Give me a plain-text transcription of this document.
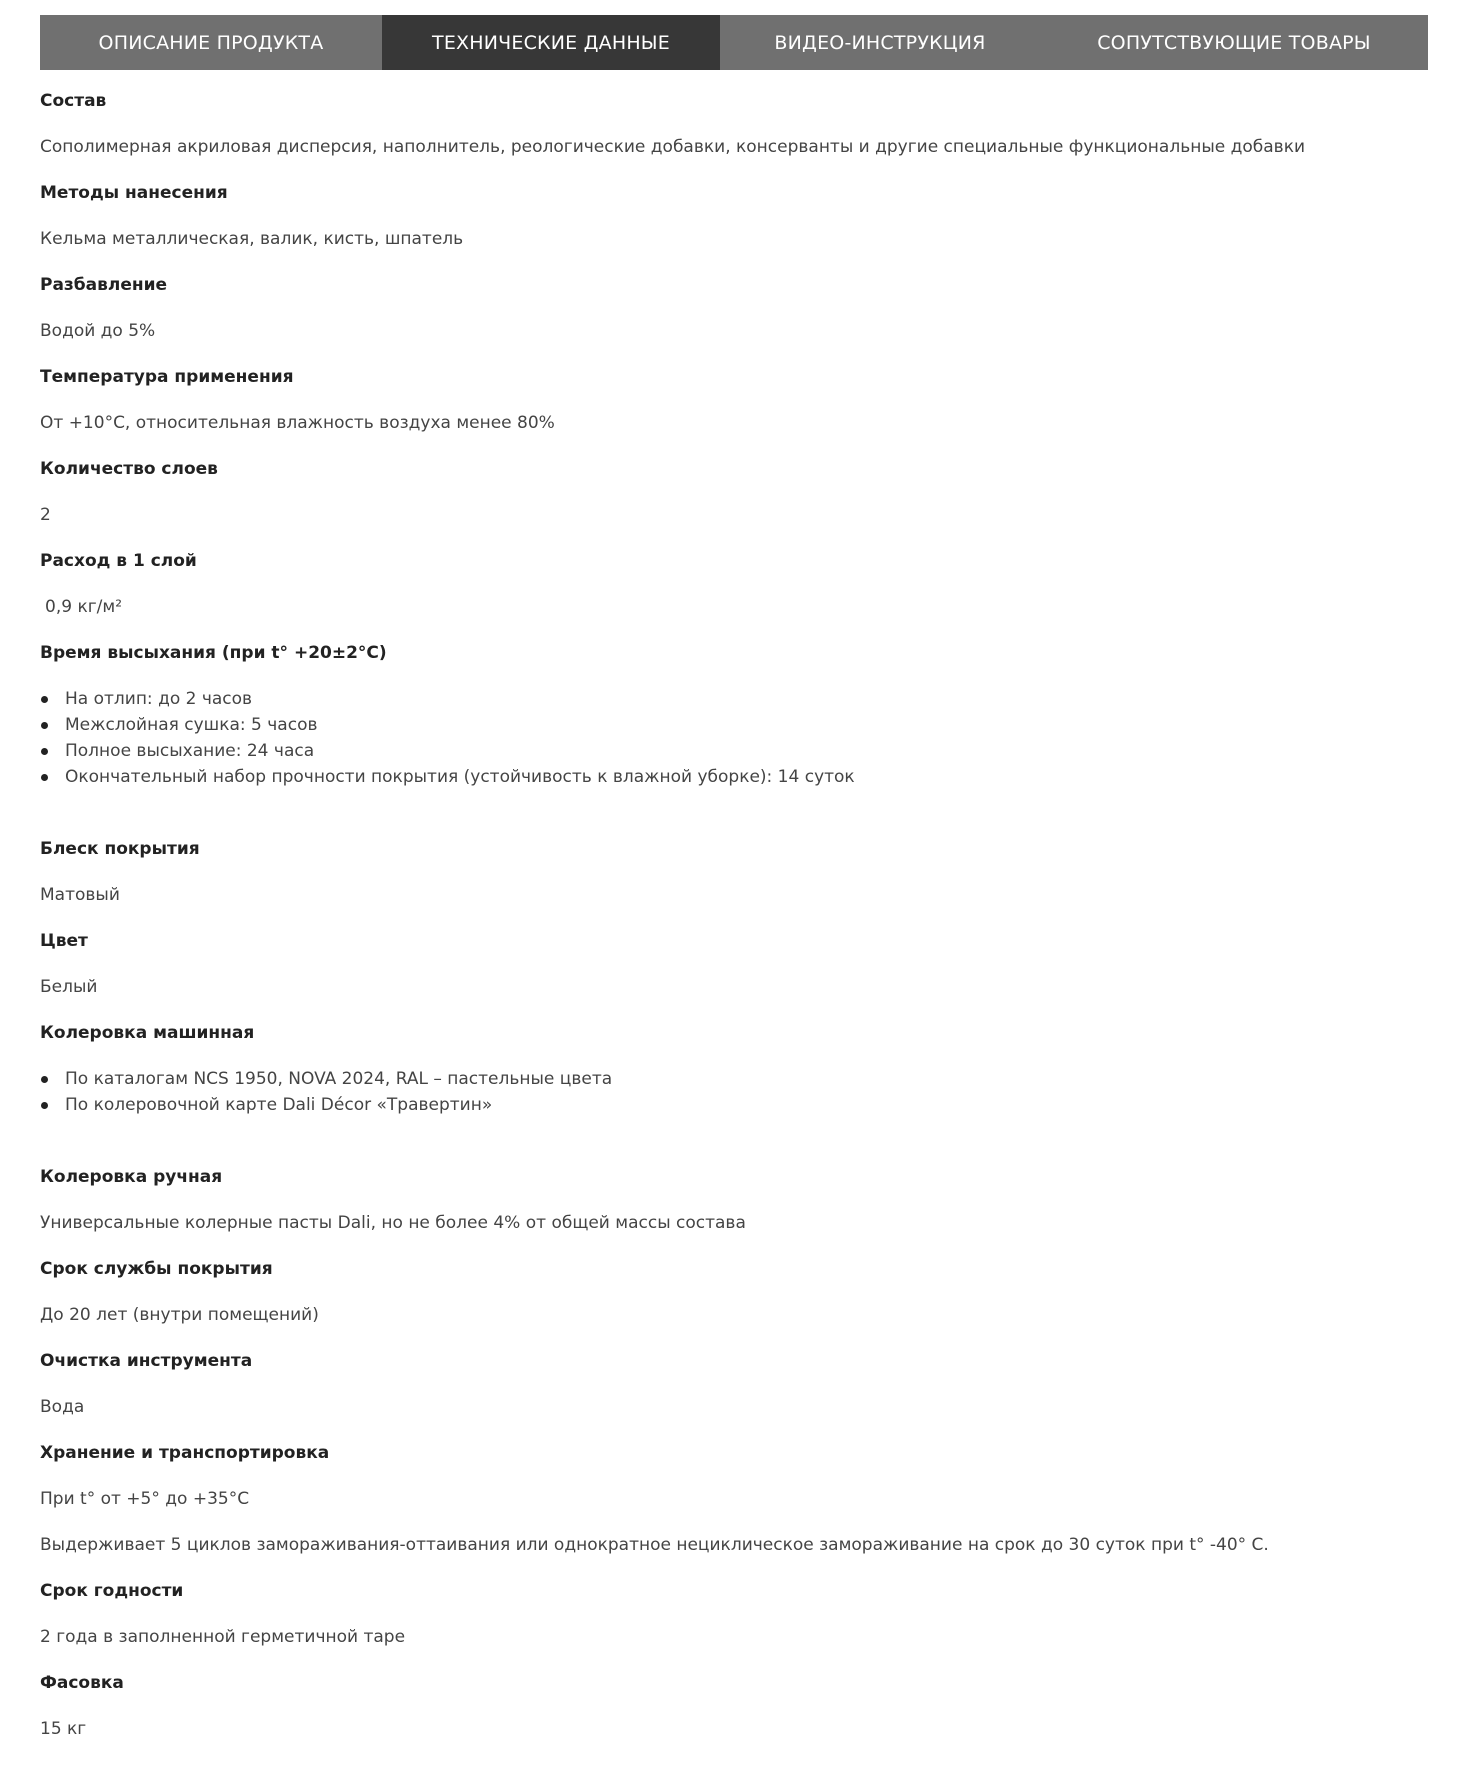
ОПИСАНИЕ ПРОДУКТА	ТЕХНИЧЕСКИЕ ДАННЫЕ	ВИДЕО-ИНСТРУКЦИЯ	СОПУТСТВУЮЩИЕ ТОВАРЫ
Состав
Сополимерная акриловая дисперсия, наполнитель, реологические добавки, консерванты и другие специальные функциональные добавки
Методы нанесения
Кельма металлическая, валик, кисть, шпатель
Разбавление
Водой до 5%
Температура применения
От +10°С, относительная влажность воздуха менее 80%
Количество слоев
2
Расход в 1 слой
0,9 кг/м²
Время высыхания (при t° +20±2°С)
На отлип: до 2 часов
Межслойная сушка: 5 часов
Полное высыхание: 24 часа
Окончательный набор прочности покрытия (устойчивость к влажной уборке): 14 суток
Блеск покрытия
Матовый
Цвет
Белый
Колеровка машинная
По каталогам NCS 1950, NOVA 2024, RAL – пастельные цвета
По колеровочной карте Dali Décor «Травертин»
Колеровка ручная
Универсальные колерные пасты Dali, но не более 4% от общей массы состава
Срок службы покрытия
До 20 лет (внутри помещений)
Очистка инструмента
Вода
Хранение и транспортировка
При t° от +5° до +35°С
Выдерживает 5 циклов замораживания-оттаивания или однократное нециклическое замораживание на срок до 30 суток при t° -40° С.
Срок годности
2 года в заполненной герметичной таре
Фасовка
15 кг
